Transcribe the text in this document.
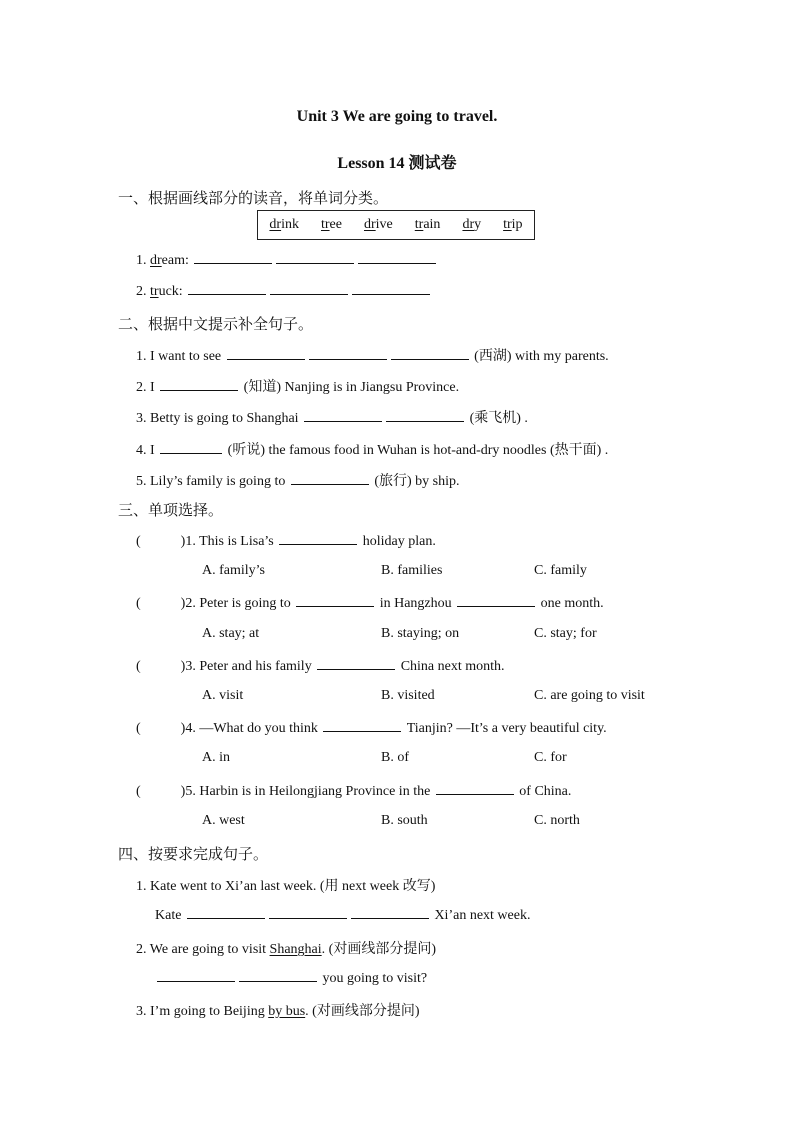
Unit 3 We are going to travel.
Lesson 14 测试卷
一、根据画线部分的读音，将单词分类。
drink tree drive train dry trip
1. dream:
2. truck:
二、根据中文提示补全句子。
1. I want to see	(西湖) with my parents.
2. I	(知道) Nanjing is in Jiangsu Province.
3. Betty is going to Shanghai	(乘飞机) .
4. I	(听说) the famous food in Wuhan is hot-and-dry noodles (热干面) .
5. Lily’s family is going to	(旅行) by ship.
三、单项选择。
(	)1. This is Lisa’s	holiday plan.
A. family’s	B. families	C. family
(	)2. Peter is going to	in Hangzhou	one month.
A. stay; at	B. staying; on	C. stay; for
(	)3. Peter and his family	China next month.
A. visit	B. visited	C. are going to visit
(	)4. —What do you think	Tianjin? —It’s a very beautiful city.
A. in	B. of	C. for
(	)5. Harbin is in Heilongjiang Province in the	of China.
A. west	B. south	C. north
四、按要求完成句子。
1. Kate went to Xi’an last week. (用 next week 改写)
Kate	Xi’an next week.
2. We are going to visit Shanghai. (对画线部分提问)
you going to visit?
3. I’m going to Beijing by bus. (对画线部分提问)
